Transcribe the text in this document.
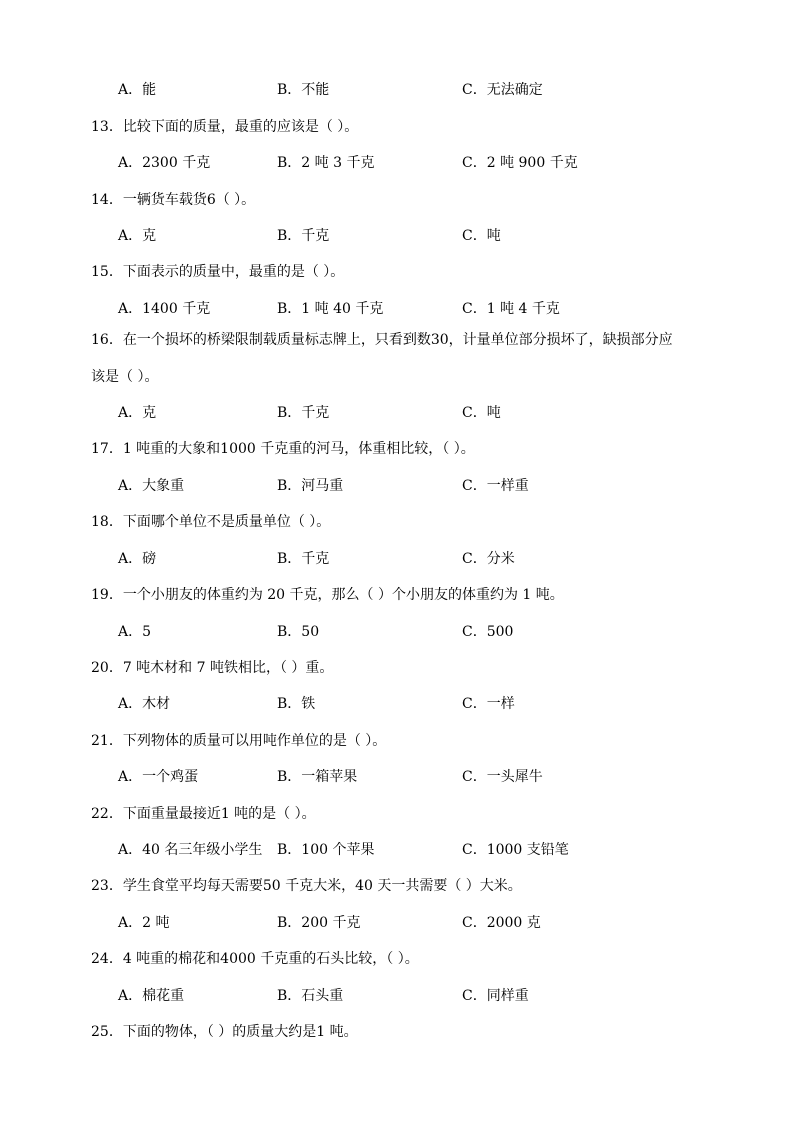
A．能	B．不能	C．无法确定
13．比较下面的质量，最重的应该是（ ）。
A．2300 千克	B．2 吨 3 千克	C．2 吨 900 千克
14．一辆货车载货6（ ）。
A．克	B．千克	C．吨
15．下面表示的质量中，最重的是（ ）。
A．1400 千克	B．1 吨 40 千克	C．1 吨 4 千克
16．在一个损坏的桥梁限制载质量标志牌上，只看到数30，计量单位部分损坏了，缺损部分应
该是（ ）。
A．克	B．千克	C．吨
17．1 吨重的大象和1000 千克重的河马，体重相比较，（ ）。
A．大象重	B．河马重	C．一样重
18．下面哪个单位不是质量单位（ ）。
A．磅	B．千克	C．分米
19．一个小朋友的体重约为 20 千克，那么（ ）个小朋友的体重约为 1 吨。
A．5	B．50	C．500
20．7 吨木材和 7 吨铁相比，（ ）重。
A．木材	B．铁	C．一样
21．下列物体的质量可以用吨作单位的是（ ）。
A．一个鸡蛋	B．一箱苹果	C．一头犀牛
22．下面重量最接近1 吨的是（ ）。
A．40 名三年级小学生 B．100 个苹果	C．1000 支铅笔
23．学生食堂平均每天需要50 千克大米，40 天一共需要（ ）大米。
A．2 吨	B．200 千克	C．2000 克
24．4 吨重的棉花和4000 千克重的石头比较，（ ）。
A．棉花重	B．石头重	C．同样重
25．下面的物体，（ ）的质量大约是1 吨。
